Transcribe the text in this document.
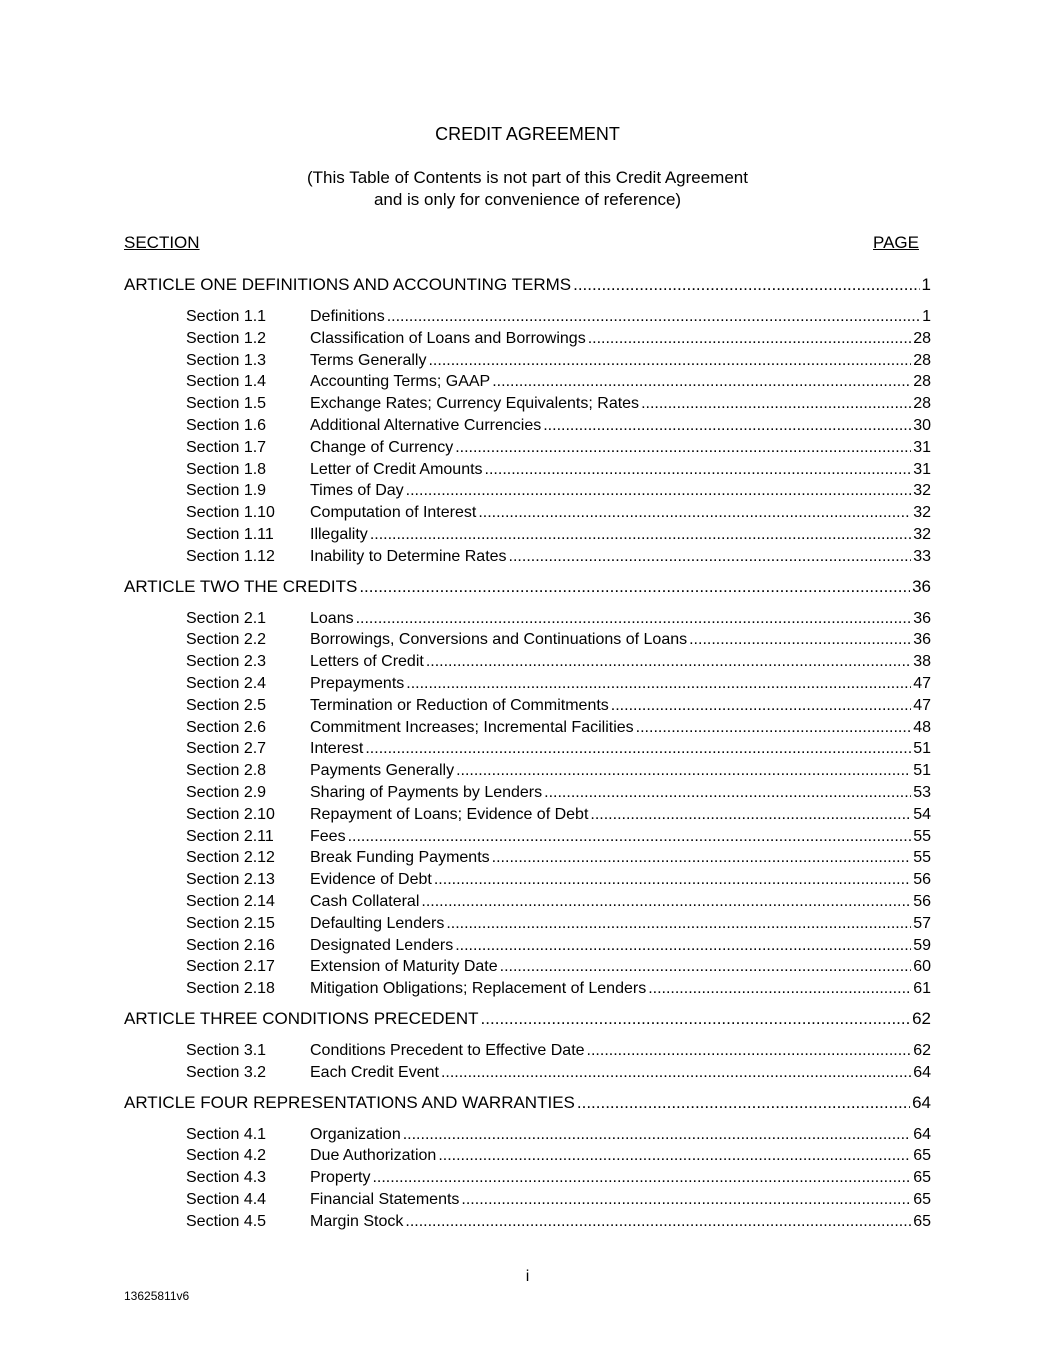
CREDIT AGREEMENT
(This Table of Contents is not part of this Credit Agreement
and is only for convenience of reference)
SECTION	PAGE
ARTICLE ONE DEFINITIONS AND ACCOUNTING TERMS .....	1
Section 1.1	Definitions .....	1
Section 1.2	Classification of Loans and Borrowings .....	28
Section 1.3	Terms Generally .....	28
Section 1.4	Accounting Terms; GAAP .....	28
Section 1.5	Exchange Rates; Currency Equivalents; Rates .....	28
Section 1.6	Additional Alternative Currencies .....	30
Section 1.7	Change of Currency .....	31
Section 1.8	Letter of Credit Amounts .....	31
Section 1.9	Times of Day .....	32
Section 1.10	Computation of Interest .....	32
Section 1.11	Illegality .....	32
Section 1.12	Inability to Determine Rates .....	33
ARTICLE TWO THE CREDITS .....	36
Section 2.1	Loans .....	36
Section 2.2	Borrowings, Conversions and Continuations of Loans .....	36
Section 2.3	Letters of Credit .....	38
Section 2.4	Prepayments .....	47
Section 2.5	Termination or Reduction of Commitments .....	47
Section 2.6	Commitment Increases; Incremental Facilities .....	48
Section 2.7	Interest .....	51
Section 2.8	Payments Generally .....	51
Section 2.9	Sharing of Payments by Lenders .....	53
Section 2.10	Repayment of Loans; Evidence of Debt .....	54
Section 2.11	Fees .....	55
Section 2.12	Break Funding Payments .....	55
Section 2.13	Evidence of Debt .....	56
Section 2.14	Cash Collateral .....	56
Section 2.15	Defaulting Lenders .....	57
Section 2.16	Designated Lenders .....	59
Section 2.17	Extension of Maturity Date .....	60
Section 2.18	Mitigation Obligations; Replacement of Lenders .....	61
ARTICLE THREE CONDITIONS PRECEDENT .....	62
Section 3.1	Conditions Precedent to Effective Date .....	62
Section 3.2	Each Credit Event .....	64
ARTICLE FOUR REPRESENTATIONS AND WARRANTIES .....	64
Section 4.1	Organization .....	64
Section 4.2	Due Authorization .....	65
Section 4.3	Property .....	65
Section 4.4	Financial Statements .....	65
Section 4.5	Margin Stock .....	65
i
13625811v6
